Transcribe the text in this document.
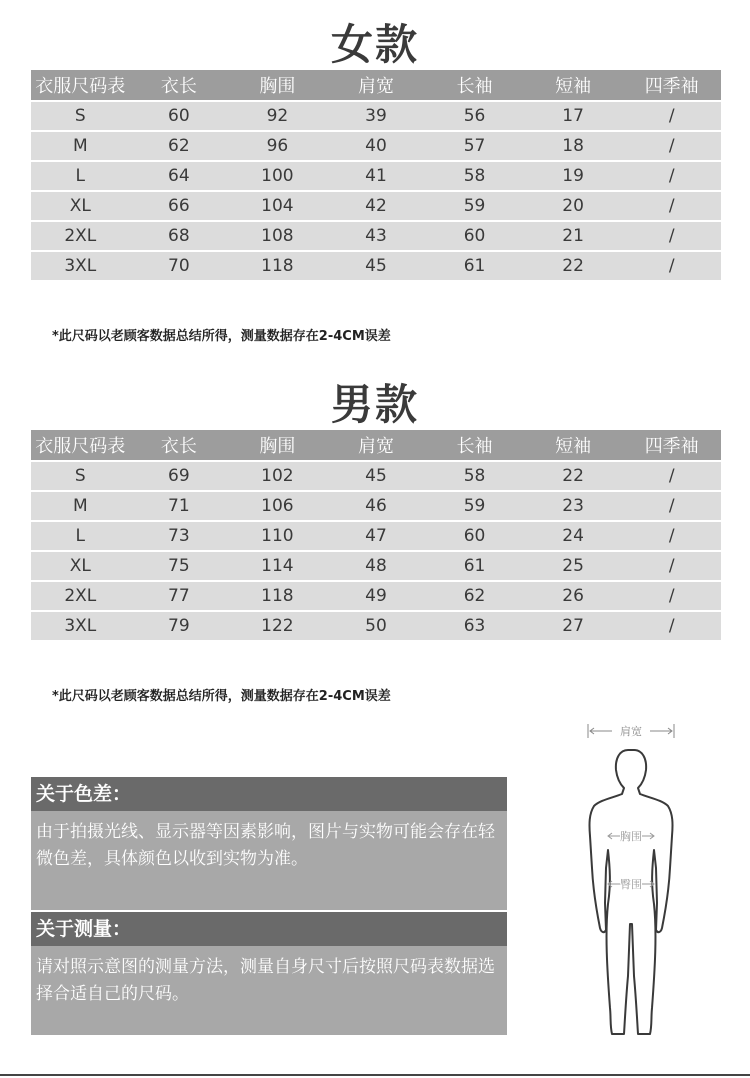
女款
衣服尺码表	衣长	胸围	肩宽	长袖	短袖	四季袖
S	60	92	39	56	17	/
M	62	96	40	57	18	/
L	64	100	41	58	19	/
XL	66	104	42	59	20	/
2XL	68	108	43	60	21	/
3XL	70	118	45	61	22	/
*此尺码以老顾客数据总结所得，测量数据存在2-4CM误差
男款
衣服尺码表	衣长	胸围	肩宽	长袖	短袖	四季袖
S	69	102	45	58	22	/
M	71	106	46	59	23	/
L	73	110	47	60	24	/
XL	75	114	48	61	25	/
2XL	77	118	49	62	26	/
3XL	79	122	50	63	27	/
*此尺码以老顾客数据总结所得，测量数据存在2-4CM误差
关于色差：
由于拍摄光线、显示器等因素影响，图片与实物可能会存在轻微色差，具体颜色以收到实物为准。
关于测量：
请对照示意图的测量方法，测量自身尺寸后按照尺码表数据选择合适自己的尺码。
肩宽
胸围
臀围
